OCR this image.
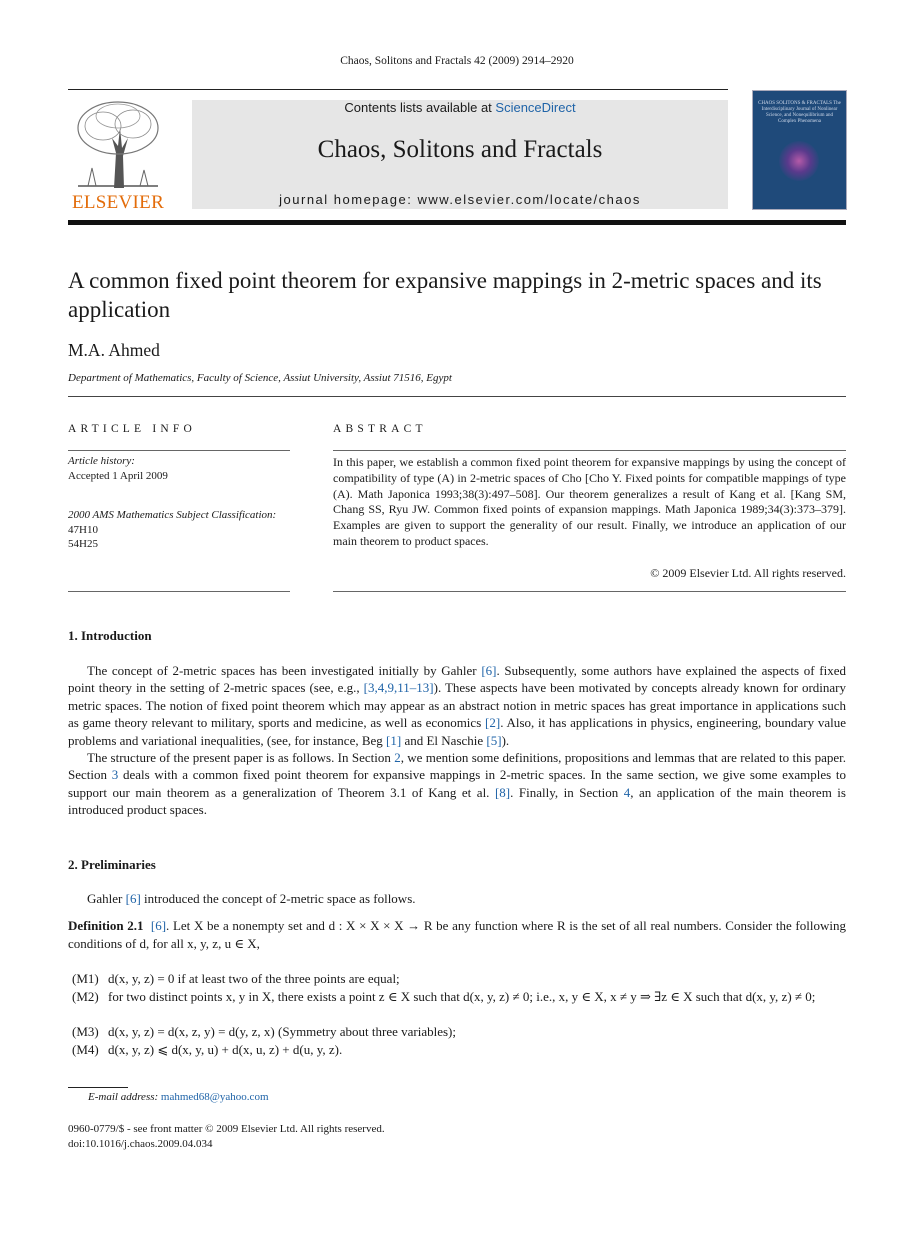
Chaos, Solitons and Fractals 42 (2009) 2914–2920
ELSEVIER
Contents lists available at ScienceDirect
Chaos, Solitons and Fractals
journal homepage: www.elsevier.com/locate/chaos
CHAOS SOLITONS & FRACTALS The Interdisciplinary Journal of Nonlinear Science, and Nonequilibrium and Complex Phenomena
A common fixed point theorem for expansive mappings in 2-metric spaces and its application
M.A. Ahmed
Department of Mathematics, Faculty of Science, Assiut University, Assiut 71516, Egypt
ARTICLE INFO	ABSTRACT
Article history:
Accepted 1 April 2009
2000 AMS Mathematics Subject Classification:
47H10
54H25
In this paper, we establish a common fixed point theorem for expansive mappings by using the concept of compatibility of type (A) in 2-metric spaces of Cho [Cho Y. Fixed points for compatible mappings of type (A). Math Japonica 1993;38(3):497–508]. Our theorem generalizes a result of Kang et al. [Kang SM, Chang SS, Ryu JW. Common fixed points of expansion mappings. Math Japonica 1989;34(3):373–379]. Examples are given to support the generality of our result. Finally, we introduce an application of our main theorem to product spaces.
© 2009 Elsevier Ltd. All rights reserved.
1. Introduction

The concept of 2-metric spaces has been investigated initially by Gahler [6]. Subsequently, some authors have explained the aspects of fixed point theory in the setting of 2-metric spaces (see, e.g., [3,4,9,11–13]). These aspects have been motivated by concepts already known for ordinary metric spaces. The notion of fixed point theorem which may appear as an abstract notion in metric spaces has great importance in applications such as game theory relevant to military, sports and medicine, as well as economics [2]. Also, it has applications in physics, engineering, boundary value problems and variational inequalities, (see, for instance, Beg [1] and El Naschie [5]).

The structure of the present paper is as follows. In Section 2, we mention some definitions, propositions and lemmas that are related to this paper. Section 3 deals with a common fixed point theorem for expansive mappings in 2-metric spaces. In the same section, we give some examples to support our main theorem as a generalization of Theorem 3.1 of Kang et al. [8]. Finally, in Section 4, an application of the main theorem is introduced product spaces.

2. Preliminaries
Gahler [6] introduced the concept of 2-metric space as follows.
Definition 2.1 [6]. Let X be a nonempty set and d : X × X × X → R be any function where R is the set of all real numbers. Consider the following conditions of d, for all x, y, z, u ∈ X,
(M1) d(x, y, z) = 0 if at least two of the three points are equal;
(M2) for two distinct points x, y in X, there exists a point z ∈ X such that d(x, y, z) ≠ 0; i.e., x, y ∈ X, x ≠ y ⇒ ∃z ∈ X such that d(x, y, z) ≠ 0;
(M3) d(x, y, z) = d(x, z, y) = d(y, z, x) (Symmetry about three variables);
(M4) d(x, y, z) ⩽ d(x, y, u) + d(x, u, z) + d(u, y, z).
E-mail address: mahmed68@yahoo.com
0960-0779/$ - see front matter © 2009 Elsevier Ltd. All rights reserved.
doi:10.1016/j.chaos.2009.04.034
